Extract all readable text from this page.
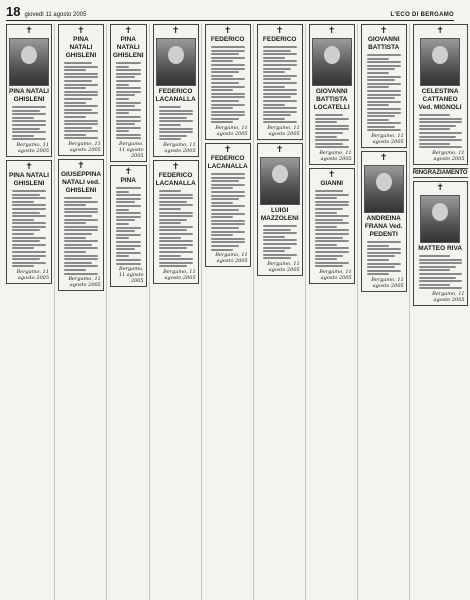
18 giovedì 11 agosto 2005	L'ECO DI BERGAMO
✝
PINA NATALI GHISLENI
Bergamo, 11 agosto 2005
✝
PINA NATALI GHISLENI
Bergamo, 11 agosto 2005
✝
PINA NATALI GHISLENI
Bergamo, 11 agosto 2005
✝
GIUSEPPINA NATALI ved. GHISLENI
Bergamo, 11 agosto 2005
✝
PINA NATALI GHISLENI
Bergamo, 11 agosto 2005
✝
PINA
Bergamo, 11 agosto 2005
✝
FEDERICO LACANALLA
Bergamo, 11 agosto 2005
✝
FEDERICO LACANALLA
Bergamo, 11 agosto 2005
✝
FEDERICO
Bergamo, 11 agosto 2005
✝
FEDERICO LACANALLA
Bergamo, 11 agosto 2005
✝
FEDERICO
Bergamo, 11 agosto 2005
✝
LUIGI MAZZOLENI
Bergamo, 11 agosto 2005
✝
GIOVANNI BATTISTA LOCATELLI
Bergamo, 11 agosto 2005
✝
GIANNI
Bergamo, 11 agosto 2005
✝
GIOVANNI BATTISTA
Bergamo, 11 agosto 2005
✝
ANDREINA FRANA Ved. PEDENTI
Bergamo, 11 agosto 2005
✝
CELESTINA CATTANEO Ved. MIGNOLI
Bergamo, 11 agosto 2005
RINGRAZIAMENTO
✝
MATTEO RIVA
Bergamo, 11 agosto 2005
